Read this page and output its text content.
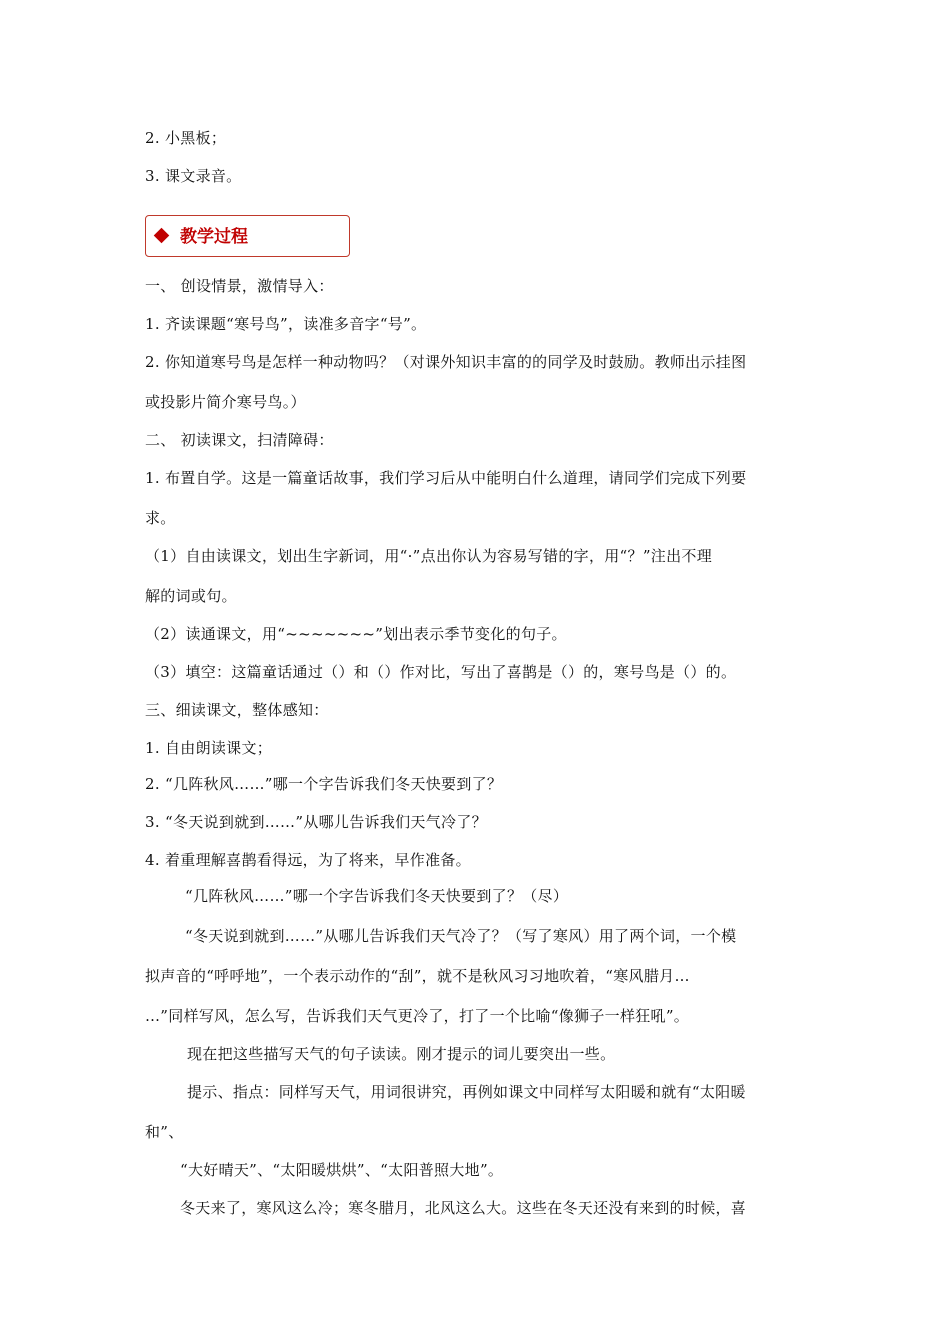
2. 小黑板；
3. 课文录音。
教学过程
一、 创设情景，激情导入：
1. 齐读课题“寒号鸟”，读准多音字“号”。
2. 你知道寒号鸟是怎样一种动物吗？（对课外知识丰富的的同学及时鼓励。教师出示挂图
或投影片简介寒号鸟。）
二、 初读课文，扫清障碍：
1. 布置自学。这是一篇童话故事，我们学习后从中能明白什么道理，请同学们完成下列要
求。
（1）自由读课文，划出生字新词，用“·”点出你认为容易写错的字，用“？”注出不理
解的词或句。
（2）读通课文，用“~~~~~~~”划出表示季节变化的句子。
（3）填空：这篇童话通过（）和（）作对比，写出了喜鹊是（）的，寒号鸟是（）的。
三、细读课文，整体感知：
1. 自由朗读课文；
2. “几阵秋风……”哪一个字告诉我们冬天快要到了？
3. “冬天说到就到……”从哪儿告诉我们天气冷了？
4. 着重理解喜鹊看得远，为了将来，早作准备。
“几阵秋风……”哪一个字告诉我们冬天快要到了？（尽）
“冬天说到就到……”从哪儿告诉我们天气冷了？（写了寒风）用了两个词，一个模
拟声音的“呼呼地”，一个表示动作的“刮”，就不是秋风习习地吹着，“寒风腊月…
…”同样写风，怎么写，告诉我们天气更冷了，打了一个比喻“像狮子一样狂吼”。
现在把这些描写天气的句子读读。刚才提示的词儿要突出一些。
提示、指点：同样写天气，用词很讲究，再例如课文中同样写太阳暖和就有“太阳暖
和”、
“大好晴天”、“太阳暖烘烘”、“太阳普照大地”。
冬天来了，寒风这么冷；寒冬腊月，北风这么大。这些在冬天还没有来到的时候，喜
